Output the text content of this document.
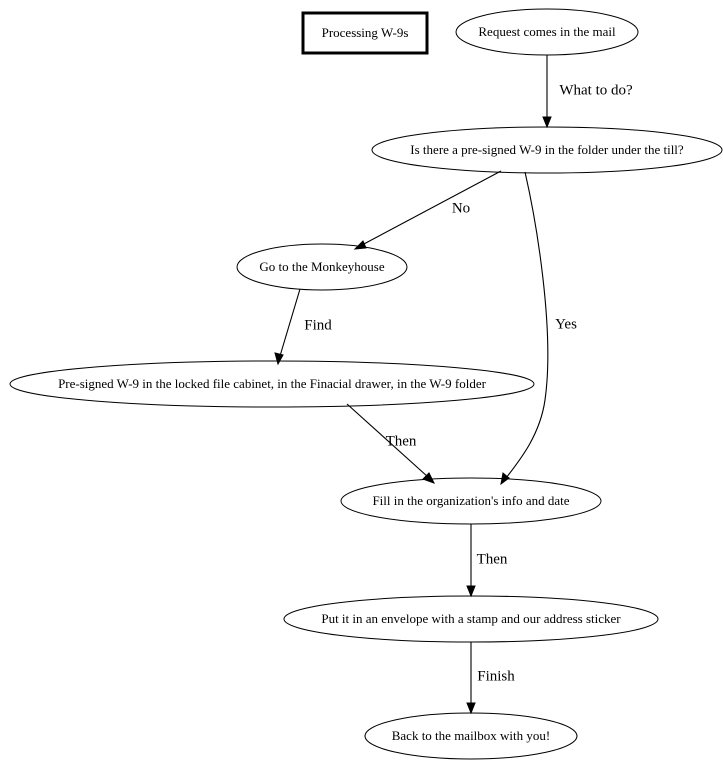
Processing W-9s	Request comes in the mail
Is there a pre-signed W-9 in the folder under the till?
Go to the Monkeyhouse
Pre-signed W-9 in the locked file cabinet, in the Finacial drawer, in the W-9 folder
Fill in the organization's info and date
Put it in an envelope with a stamp and our address sticker
Back to the mailbox with you!
What to do?
No
Yes
Find
Then
Then
Finish
